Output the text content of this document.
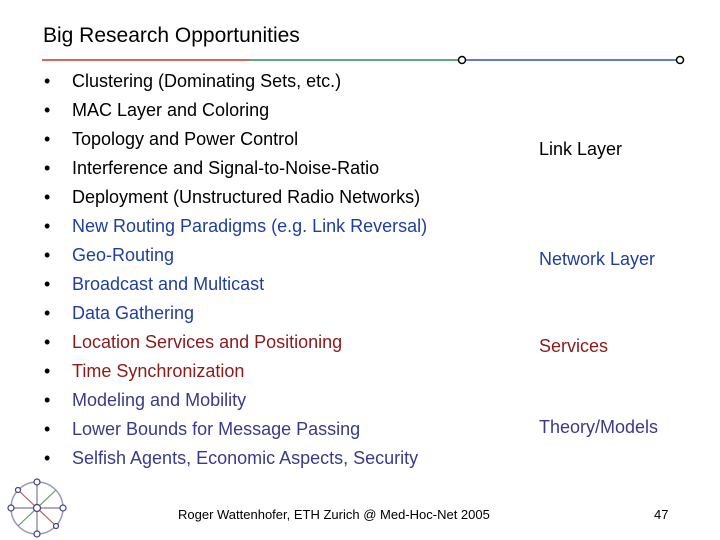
Big Research Opportunities
• Clustering (Dominating Sets, etc.)
• MAC Layer and Coloring
• Topology and Power Control
• Interference and Signal-to-Noise-Ratio
• Deployment (Unstructured Radio Networks)
• New Routing Paradigms (e.g. Link Reversal)
• Geo-Routing
• Broadcast and Multicast
• Data Gathering
• Location Services and Positioning
• Time Synchronization
• Modeling and Mobility
• Lower Bounds for Message Passing
• Selfish Agents, Economic Aspects, Security
Link Layer
Network Layer
Services
Theory/Models
Roger Wattenhofer, ETH Zurich @ Med-Hoc-Net 2005	47
